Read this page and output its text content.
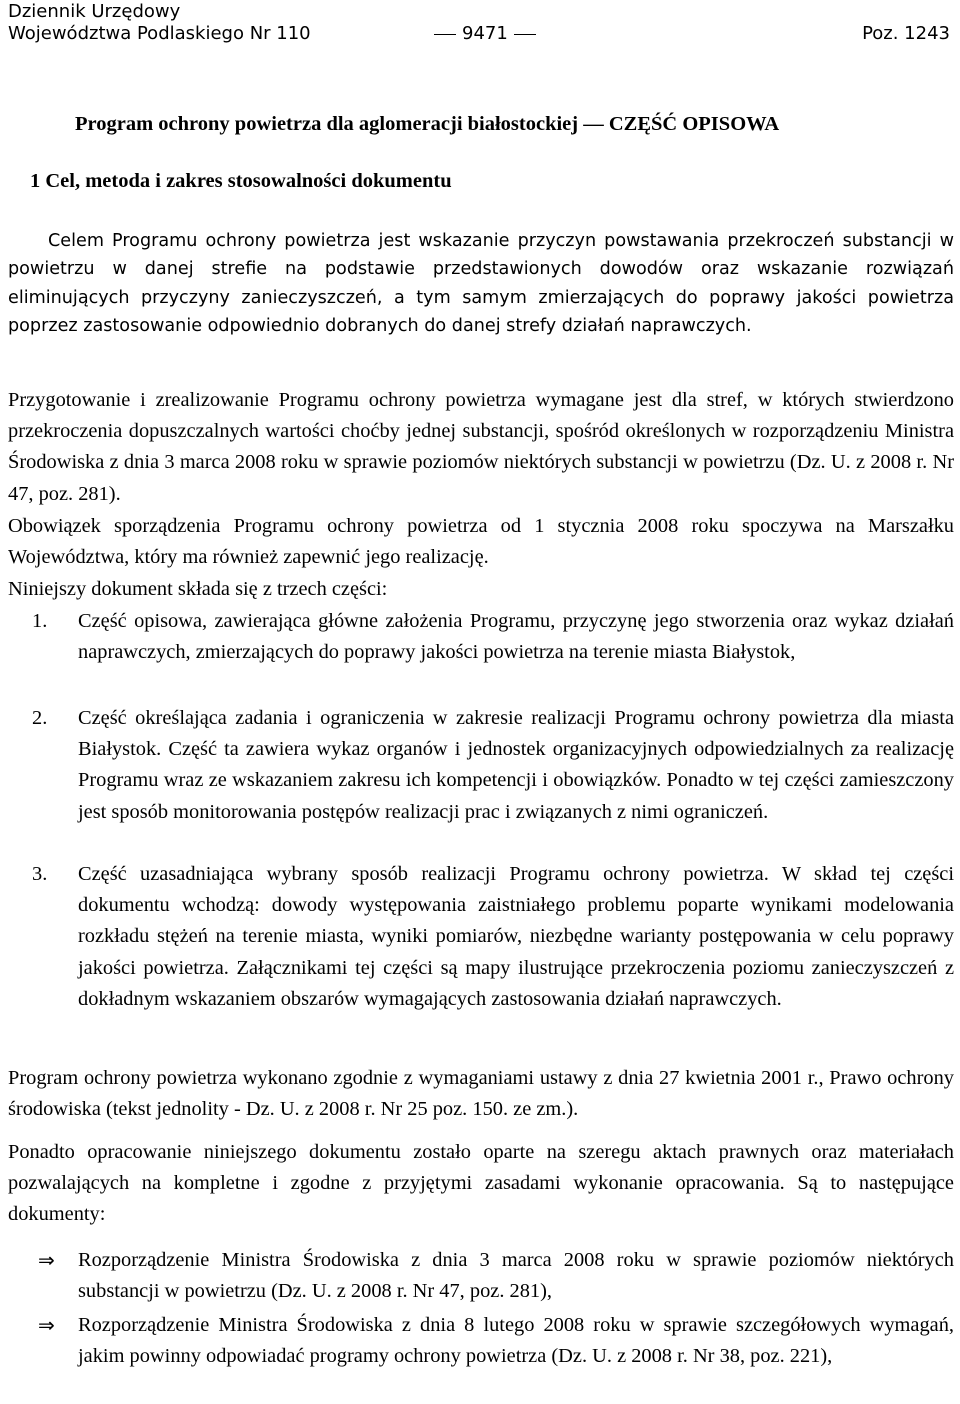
Dziennik Urzędowy
Województwa Podlaskiego Nr 110	9471	Poz. 1243
Program ochrony powietrza dla aglomeracji białostockiej — CZĘŚĆ OPISOWA
1 Cel, metoda i zakres stosowalności dokumentu
Celem Programu ochrony powietrza jest wskazanie przyczyn powstawania przekroczeń substancji w powietrzu w danej strefie na podstawie przedstawionych dowodów oraz wskazanie rozwiązań eliminujących przyczyny zanieczyszczeń, a tym samym zmierzających do poprawy jakości powietrza poprzez zastosowanie odpowiednio dobranych do danej strefy działań naprawczych.
Przygotowanie i zrealizowanie Programu ochrony powietrza wymagane jest dla stref, w których stwierdzono przekroczenia dopuszczalnych wartości choćby jednej substancji, spośród określonych w rozporządzeniu Ministra Środowiska z dnia 3 marca 2008 roku w sprawie poziomów niektórych substancji w powietrzu (Dz. U. z 2008 r. Nr 47, poz. 281).
Obowiązek sporządzenia Programu ochrony powietrza od 1 stycznia 2008 roku spoczywa na Marszałku Województwa, który ma również zapewnić jego realizację.
Niniejszy dokument składa się z trzech części:
1. Część opisowa, zawierająca główne założenia Programu, przyczynę jego stworzenia oraz wykaz działań naprawczych, zmierzających do poprawy jakości powietrza na terenie miasta Białystok,
2. Część określająca zadania i ograniczenia w zakresie realizacji Programu ochrony powietrza dla miasta Białystok. Część ta zawiera wykaz organów i jednostek organizacyjnych odpowiedzialnych za realizację Programu wraz ze wskazaniem zakresu ich kompetencji i obowiązków. Ponadto w tej części zamieszczony jest sposób monitorowania postępów realizacji prac i związanych z nimi ograniczeń.
3. Część uzasadniająca wybrany sposób realizacji Programu ochrony powietrza. W skład tej części dokumentu wchodzą: dowody występowania zaistniałego problemu poparte wynikami modelowania rozkładu stężeń na terenie miasta, wyniki pomiarów, niezbędne warianty postępowania w celu poprawy jakości powietrza. Załącznikami tej części są mapy ilustrujące przekroczenia poziomu zanieczyszczeń z dokładnym wskazaniem obszarów wymagających zastosowania działań naprawczych.
Program ochrony powietrza wykonano zgodnie z wymaganiami ustawy z dnia 27 kwietnia 2001 r., Prawo ochrony środowiska (tekst jednolity - Dz. U. z 2008 r. Nr 25 poz. 150. ze zm.).
Ponadto opracowanie niniejszego dokumentu zostało oparte na szeregu aktach prawnych oraz materiałach pozwalających na kompletne i zgodne z przyjętymi zasadami wykonanie opracowania. Są to następujące dokumenty:
⇒ Rozporządzenie Ministra Środowiska z dnia 3 marca 2008 roku w sprawie poziomów niektórych substancji w powietrzu (Dz. U. z 2008 r. Nr 47, poz. 281),
⇒ Rozporządzenie Ministra Środowiska z dnia 8 lutego 2008 roku w sprawie szczegółowych wymagań, jakim powinny odpowiadać programy ochrony powietrza (Dz. U. z 2008 r. Nr 38, poz. 221),
